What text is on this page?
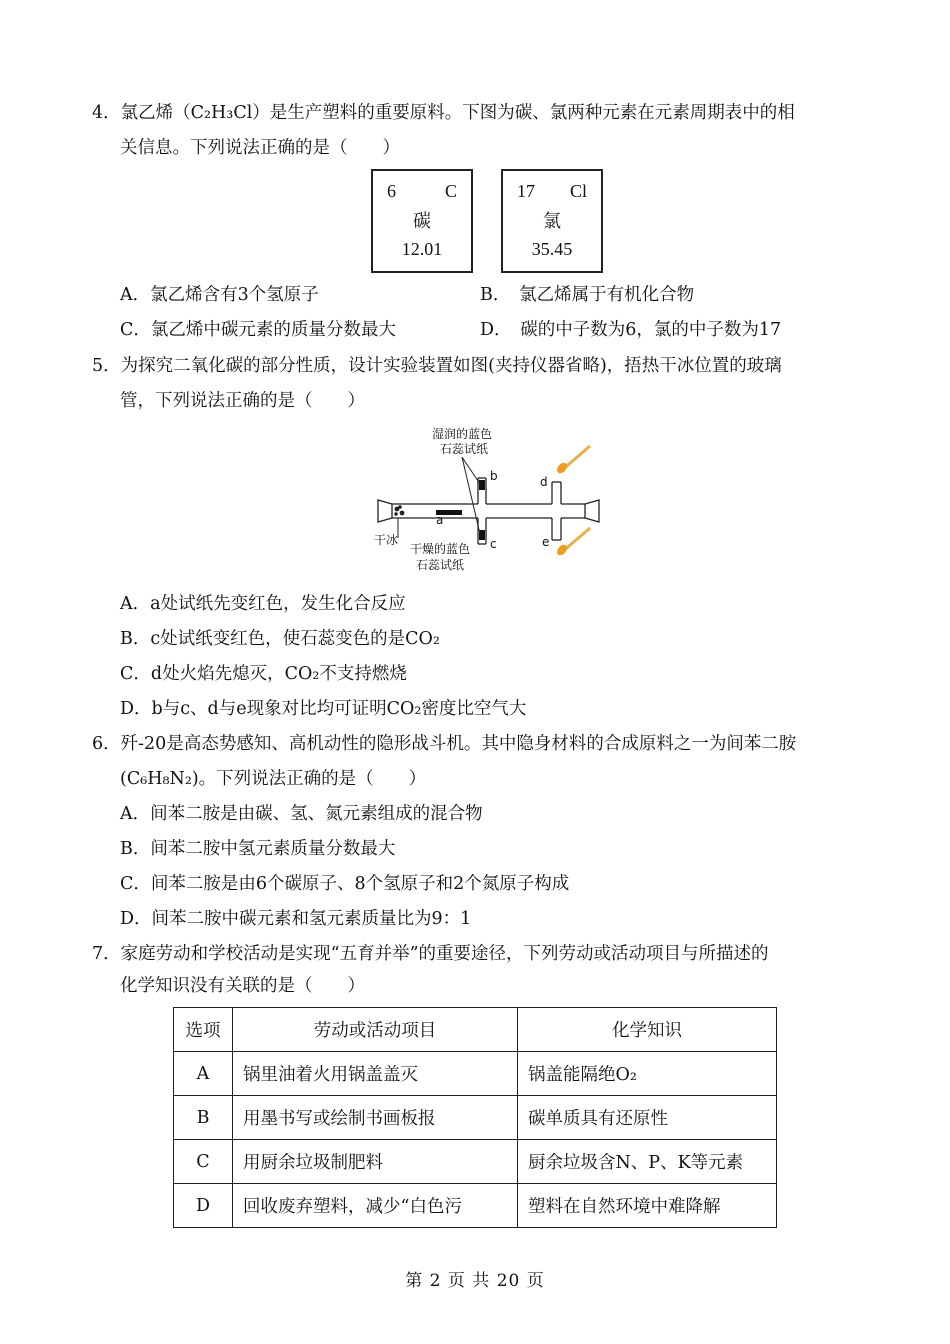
4．氯乙烯（C₂H₃Cl）是生产塑料的重要原料。下图为碳、氯两种元素在元素周期表中的相
关信息。下列说法正确的是（　　）
6	C
碳
12.01
17 Cl
氯
35.45
A．氯乙烯含有3个氢原子	B．　氯乙烯属于有机化合物
C．氯乙烯中碳元素的质量分数最大	D．　碳的中子数为6，氯的中子数为17
5．为探究二氧化碳的部分性质，设计实验装置如图(夹持仪器省略)，捂热干冰位置的玻璃
管，下列说法正确的是（　　）
湿润的蓝色
石蕊试纸
b
c
a
d
e
干冰
干燥的蓝色
石蕊试纸
A．a处试纸先变红色，发生化合反应
B．c处试纸变红色，使石蕊变色的是CO₂
C．d处火焰先熄灭，CO₂不支持燃烧
D．b与c、d与e现象对比均可证明CO₂密度比空气大
6．歼-20是高态势感知、高机动性的隐形战斗机。其中隐身材料的合成原料之一为间苯二胺
(C₆H₈N₂)。下列说法正确的是（　　）
A．间苯二胺是由碳、氢、氮元素组成的混合物
B．间苯二胺中氢元素质量分数最大
C．间苯二胺是由6个碳原子、8个氢原子和2个氮原子构成
D．间苯二胺中碳元素和氢元素质量比为9：1
7．家庭劳动和学校活动是实现“五育并举”的重要途径，下列劳动或活动项目与所描述的
化学知识没有关联的是（　　）
选项	劳动或活动项目	化学知识
A	锅里油着火用锅盖盖灭	锅盖能隔绝O₂
B	用墨书写或绘制书画板报	碳单质具有还原性
C	用厨余垃圾制肥料	厨余垃圾含N、P、K等元素
D	回收废弃塑料，减少“白色污	塑料在自然环境中难降解
第 2 页 共 20 页
